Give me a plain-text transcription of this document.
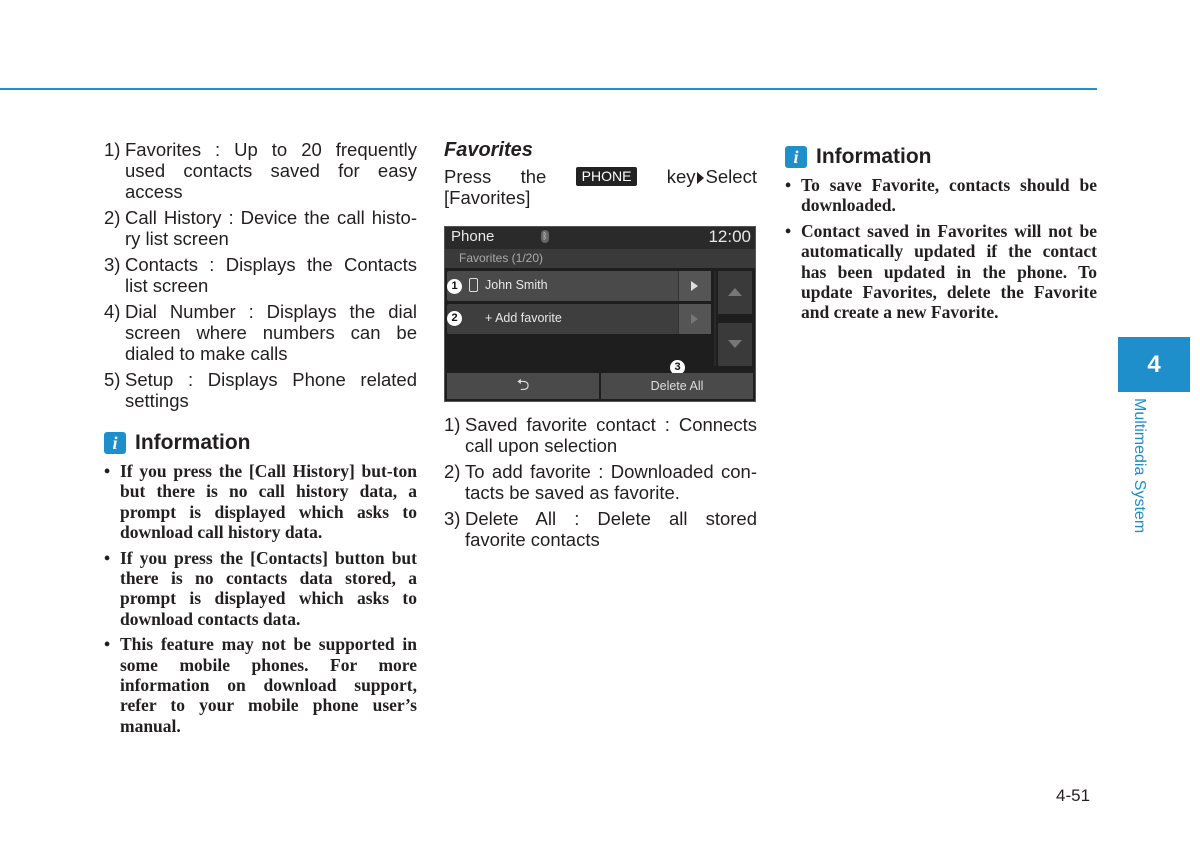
1) Favorites : Up to 20 frequently used contacts saved for easy access
2) Call History : Device the call histo-ry list screen
3) Contacts : Displays the Contacts list screen
4) Dial Number : Displays the dial screen where numbers can be dialed to make calls
5) Setup : Displays Phone related settings
i Information
• If you press the [Call History] but-ton but there is no call history data, a prompt is displayed which asks to download call history data.
• If you press the [Contacts] button but there is no contacts data stored, a prompt is displayed which asks to download contacts data.
• This feature may not be supported in some mobile phones. For more information on download support, refer to your mobile phone user’s manual.
Favorites
Press the	PHONE	key Select
[Favorites]
Phone	ᛒ	12:00
Favorites (1/20)
John Smith
+ Add favorite
1
2
3
⮌	Delete All
1) Saved favorite contact : Connects call upon selection
2) To add favorite : Downloaded con-tacts be saved as favorite.
3) Delete All : Delete all stored favorite contacts
i Information
• To save Favorite, contacts should be downloaded.
• Contact saved in Favorites will not be automatically updated if the contact has been updated in the phone. To update Favorites, delete the Favorite and create a new Favorite.
4
Multimedia System
4-51
